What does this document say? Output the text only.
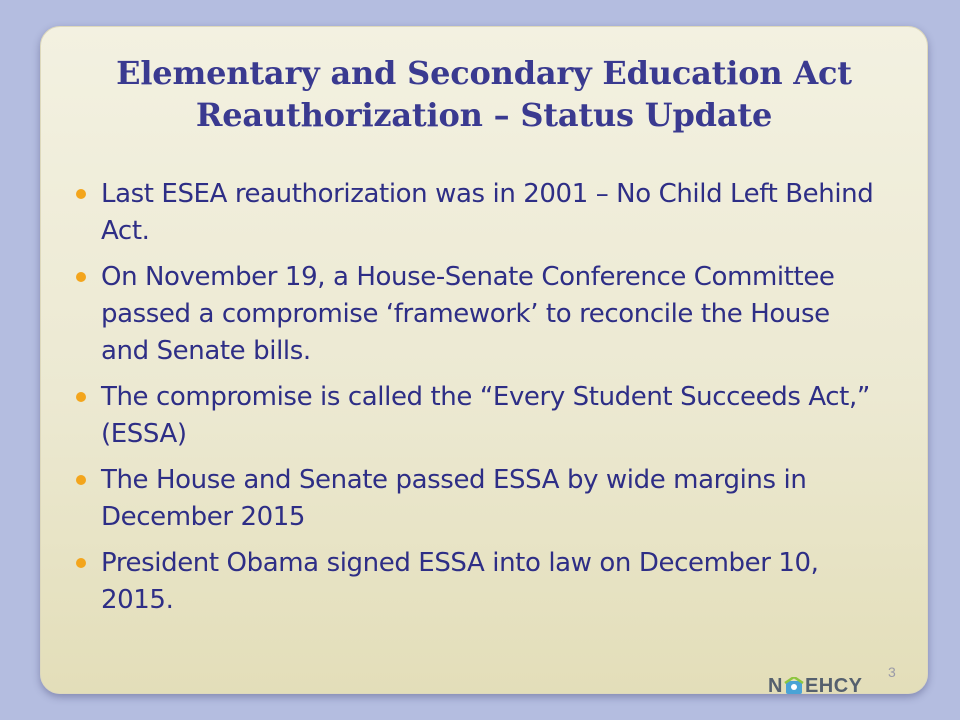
Elementary and Secondary Education Act
Reauthorization – Status Update
Last ESEA reauthorization was in 2001 – No Child Left Behind Act.
On November 19, a House-Senate Conference Committee passed a compromise ‘framework’ to reconcile the House and Senate bills.
The compromise is called the “Every Student Succeeds Act,” (ESSA)
The House and Senate passed ESSA by wide margins in December 2015
President Obama signed ESSA into law on December 10, 2015.
3
N EHCY
